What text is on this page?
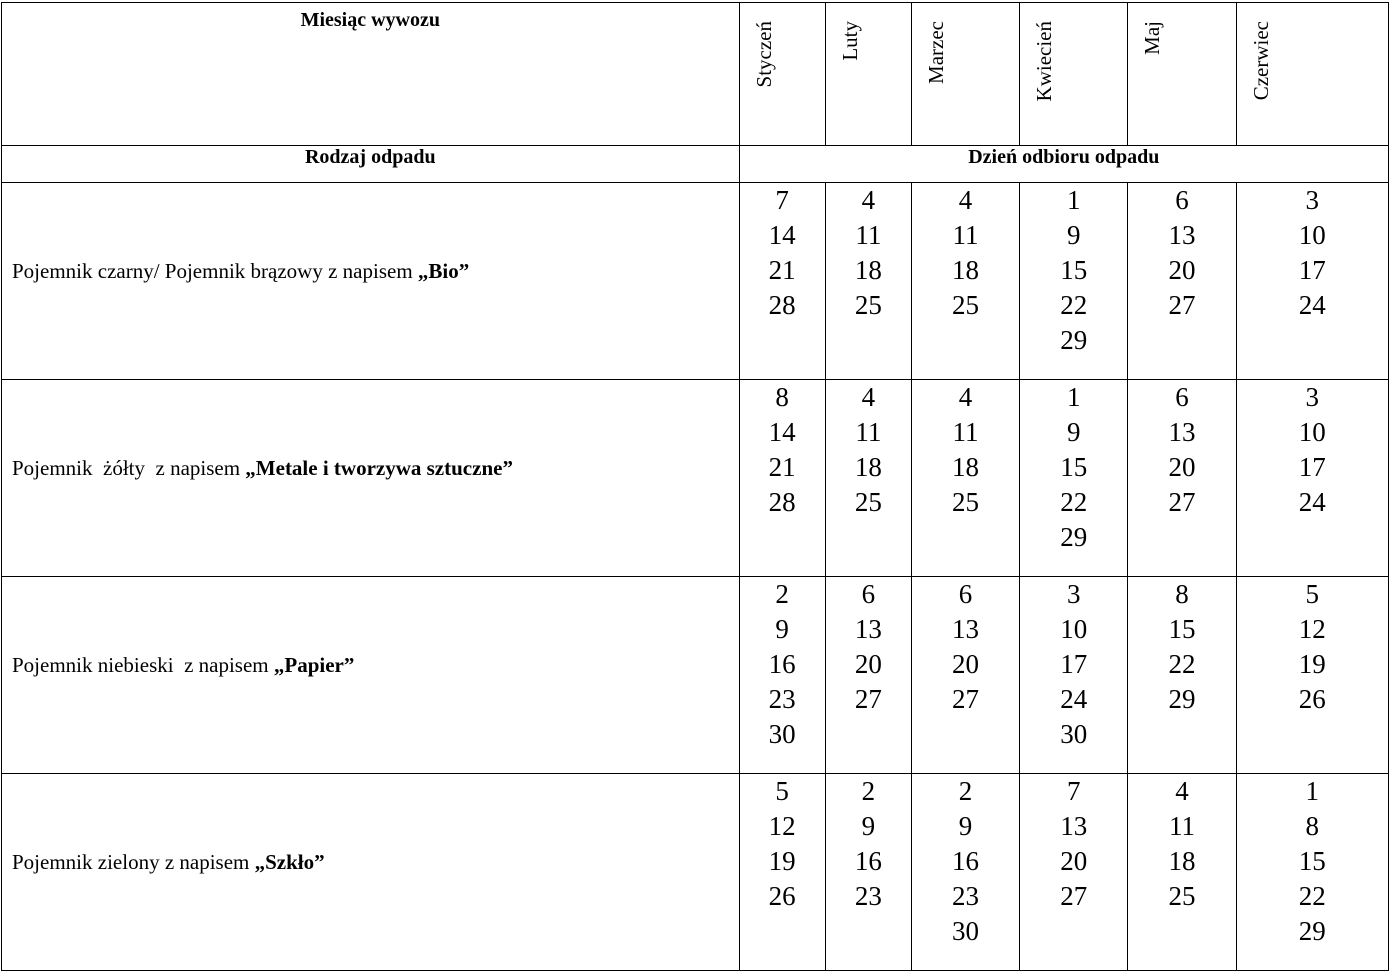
Miesiąc wywozu	Styczeń	Luty	Marzec	Kwiecień	Maj	Czerwiec

Rodzaj odpadu	Dzień odbioru odpadu					
Pojemnik czarny/ Pojemnik brązowy z napisem „Bio”	7
14
21
28	4
11
18
25	4
11
18
25	1
9
15
22
29	6
13
20
27	3
10
17
24

Pojemnik  żółty  z napisem „Metale i tworzywa sztuczne”	8
14
21
28	4
11
18
25	4
11
18
25	1
9
15
22
29	6
13
20
27	3
10
17
24

Pojemnik niebieski  z napisem „Papier”	2
9
16
23
30	6
13
20
27	6
13
20
27	3
10
17
24
30	8
15
22
29	5
12
19
26

Pojemnik zielony z napisem „Szkło”	5
12
19
26	2
9
16
23	2
9
16
23
30	7
13
20
27	4
11
18
25	1
8
15
22
29
